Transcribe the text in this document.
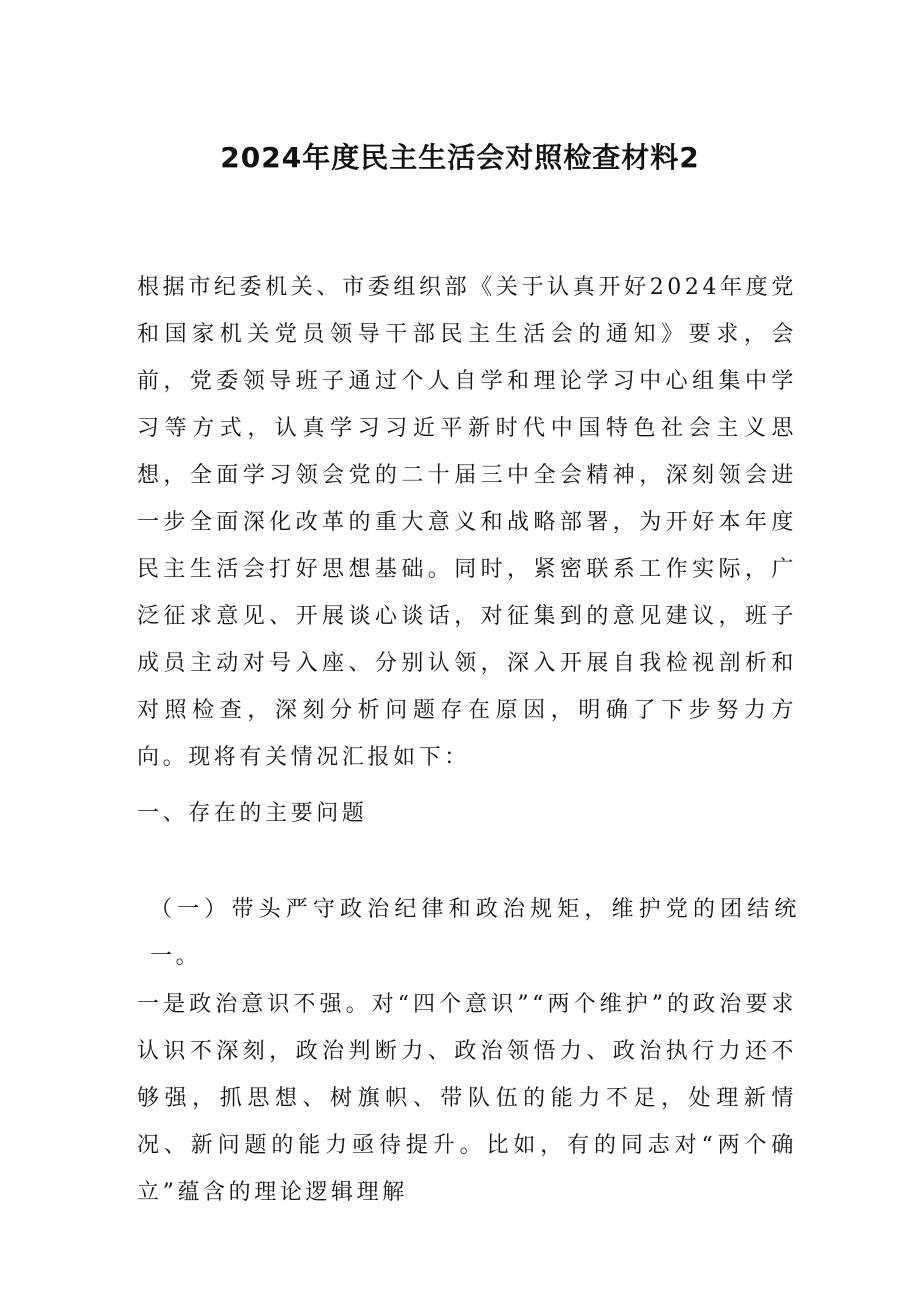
2024年度民主生活会对照检查材料2

根据市纪委机关、市委组织部《关于认真开好2024年度党和国家机关党员领导干部民主生活会的通知》要求，会前，党委领导班子通过个人自学和理论学习中心组集中学习等方式，认真学习习近平新时代中国特色社会主义思想，全面学习领会党的二十届三中全会精神，深刻领会进一步全面深化改革的重大意义和战略部署，为开好本年度民主生活会打好思想基础。同时，紧密联系工作实际，广泛征求意见、开展谈心谈话，对征集到的意见建议，班子成员主动对号入座、分别认领，深入开展自我检视剖析和对照检查，深刻分析问题存在原因，明确了下步努力方向。现将有关情况汇报如下：

一、存在的主要问题

（一）带头严守政治纪律和政治规矩，维护党的团结统一。

一是政治意识不强。对“四个意识”“两个维护”的政治要求认识不深刻，政治判断力、政治领悟力、政治执行力还不够强，抓思想、树旗帜、带队伍的能力不足，处理新情况、新问题的能力亟待提升。比如，有的同志对“两个确立”蕴含的理论逻辑理解
